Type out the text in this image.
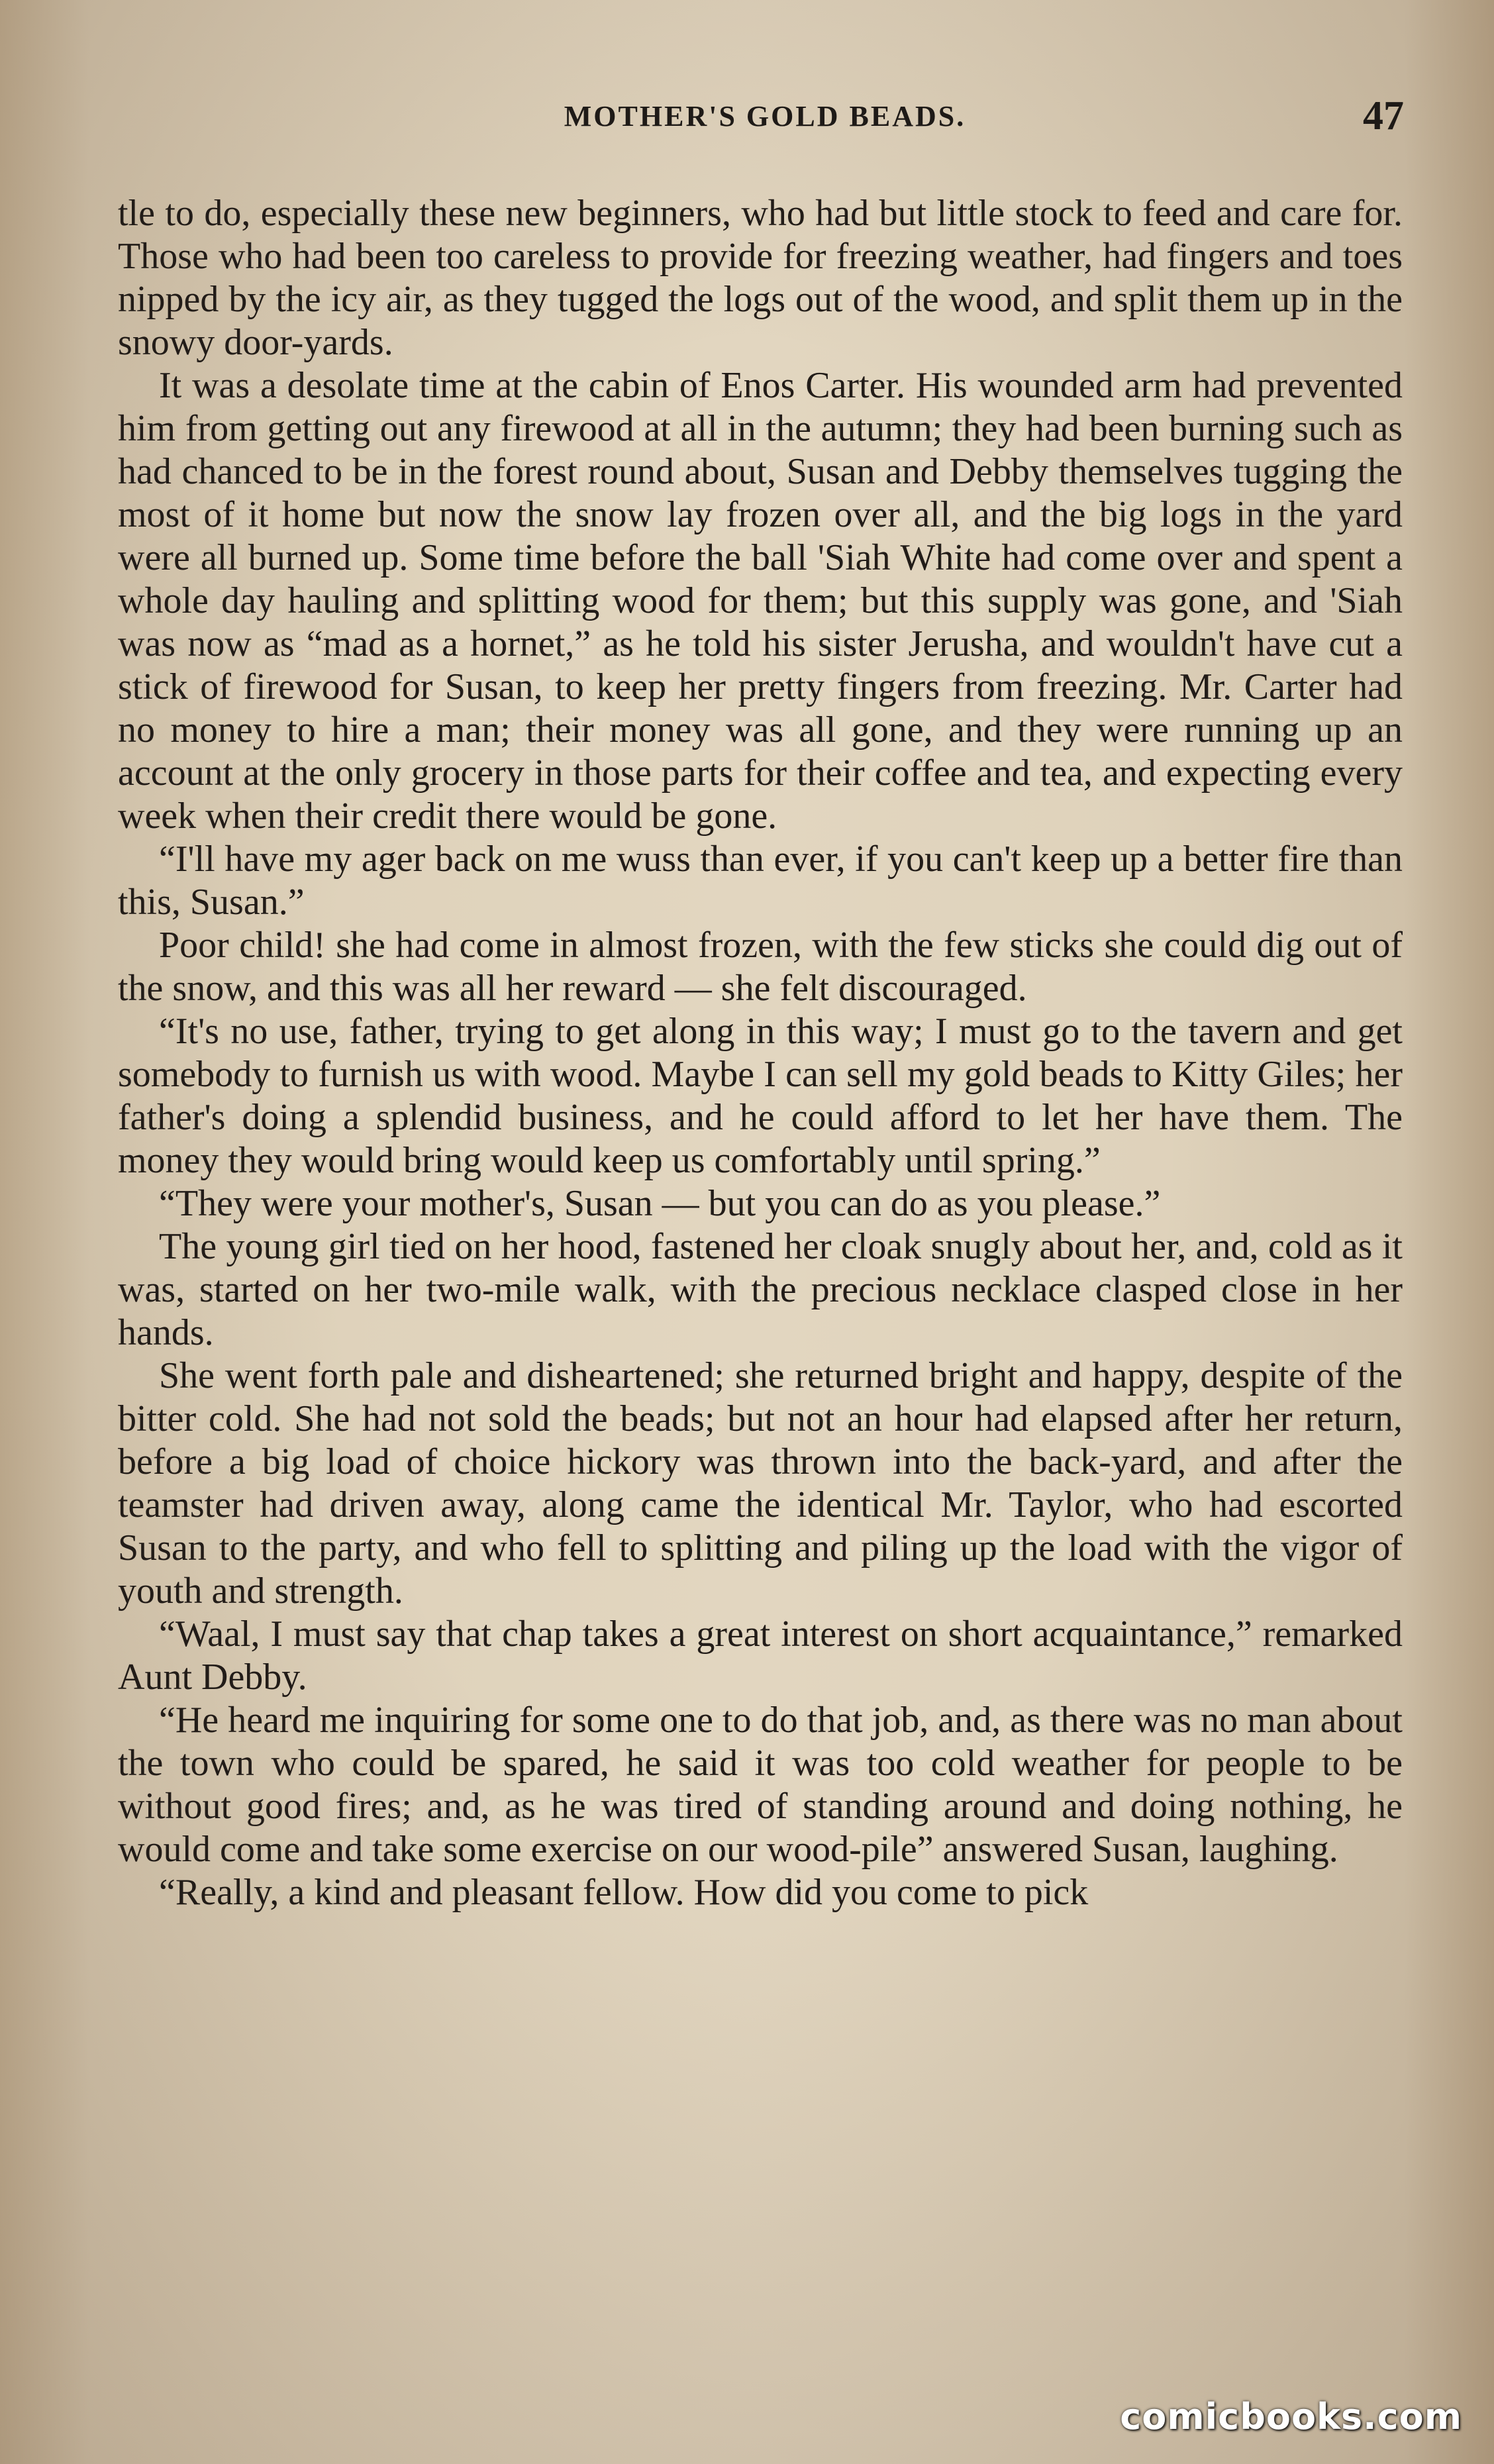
MOTHER'S GOLD BEADS.	47

tle to do, especially these new beginners, who had but little stock to feed and care for. Those who had been too careless to provide for freezing weather, had fingers and toes nipped by the icy air, as they tugged the logs out of the wood, and split them up in the snowy door-yards.

It was a desolate time at the cabin of Enos Carter. His wounded arm had prevented him from getting out any firewood at all in the autumn; they had been burning such as had chanced to be in the forest round about, Susan and Debby themselves tugging the most of it home but now the snow lay frozen over all, and the big logs in the yard were all burned up. Some time before the ball 'Siah White had come over and spent a whole day hauling and splitting wood for them; but this supply was gone, and 'Siah was now as “mad as a hornet,” as he told his sister Jerusha, and wouldn't have cut a stick of firewood for Susan, to keep her pretty fingers from freezing. Mr. Carter had no money to hire a man; their money was all gone, and they were running up an account at the only grocery in those parts for their coffee and tea, and expecting every week when their credit there would be gone.

“I'll have my ager back on me wuss than ever, if you can't keep up a better fire than this, Susan.”

Poor child! she had come in almost frozen, with the few sticks she could dig out of the snow, and this was all her reward — she felt discouraged.

“It's no use, father, trying to get along in this way; I must go to the tavern and get somebody to furnish us with wood. Maybe I can sell my gold beads to Kitty Giles; her father's doing a splendid business, and he could afford to let her have them. The money they would bring would keep us comfortably until spring.”

“They were your mother's, Susan — but you can do as you please.”

The young girl tied on her hood, fastened her cloak snugly about her, and, cold as it was, started on her two-mile walk, with the precious necklace clasped close in her hands.

She went forth pale and disheartened; she returned bright and happy, despite of the bitter cold. She had not sold the beads; but not an hour had elapsed after her return, before a big load of choice hickory was thrown into the back-yard, and after the teamster had driven away, along came the identical Mr. Taylor, who had escorted Susan to the party, and who fell to splitting and piling up the load with the vigor of youth and strength.

“Waal, I must say that chap takes a great interest on short acquaintance,” remarked Aunt Debby.

“He heard me inquiring for some one to do that job, and, as there was no man about the town who could be spared, he said it was too cold weather for people to be without good fires; and, as he was tired of standing around and doing nothing, he would come and take some exercise on our wood-pile” answered Susan, laughing.

“Really, a kind and pleasant fellow. How did you come to pick

comicbooks.com
